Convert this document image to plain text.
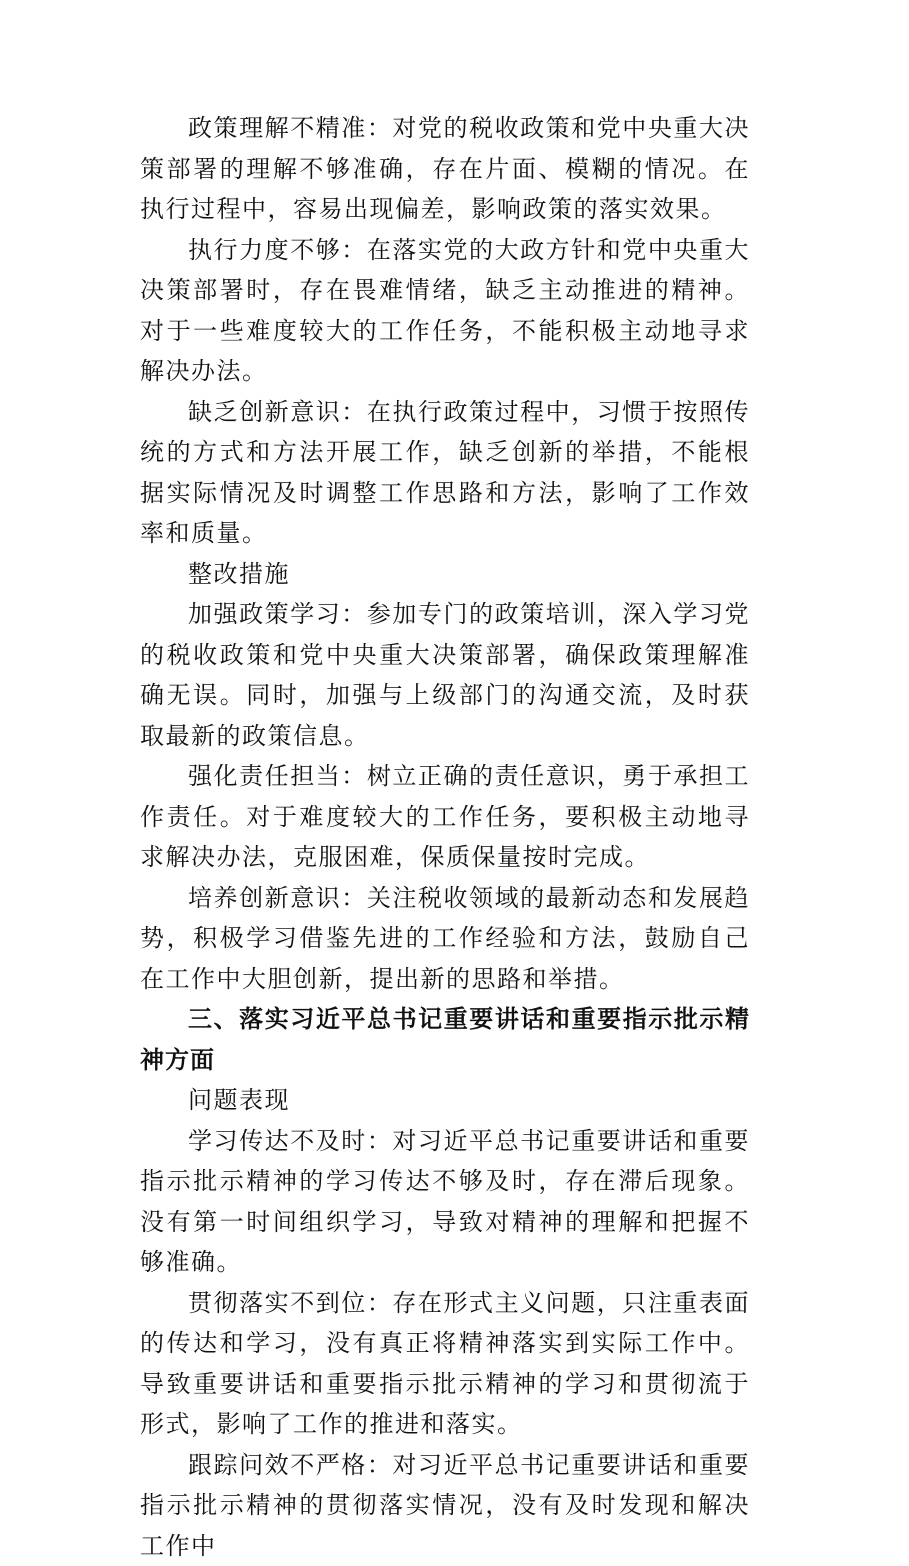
政策理解不精准：对党的税收政策和党中央重大决策部署的理解不够准确，存在片面、模糊的情况。在执行过程中，容易出现偏差，影响政策的落实效果。

执行力度不够：在落实党的大政方针和党中央重大决策部署时，存在畏难情绪，缺乏主动推进的精神。对于一些难度较大的工作任务，不能积极主动地寻求解决办法。

缺乏创新意识：在执行政策过程中，习惯于按照传统的方式和方法开展工作，缺乏创新的举措，不能根据实际情况及时调整工作思路和方法，影响了工作效率和质量。

整改措施

加强政策学习：参加专门的政策培训，深入学习党的税收政策和党中央重大决策部署，确保政策理解准确无误。同时，加强与上级部门的沟通交流，及时获取最新的政策信息。

强化责任担当：树立正确的责任意识，勇于承担工作责任。对于难度较大的工作任务，要积极主动地寻求解决办法，克服困难，保质保量按时完成。

培养创新意识：关注税收领域的最新动态和发展趋势，积极学习借鉴先进的工作经验和方法，鼓励自己在工作中大胆创新，提出新的思路和举措。

三、落实习近平总书记重要讲话和重要指示批示精神方面

问题表现

学习传达不及时：对习近平总书记重要讲话和重要指示批示精神的学习传达不够及时，存在滞后现象。没有第一时间组织学习，导致对精神的理解和把握不够准确。

贯彻落实不到位：存在形式主义问题，只注重表面的传达和学习，没有真正将精神落实到实际工作中。导致重要讲话和重要指示批示精神的学习和贯彻流于形式，影响了工作的推进和落实。

跟踪问效不严格：对习近平总书记重要讲话和重要指示批示精神的贯彻落实情况，没有及时发现和解决工作中
